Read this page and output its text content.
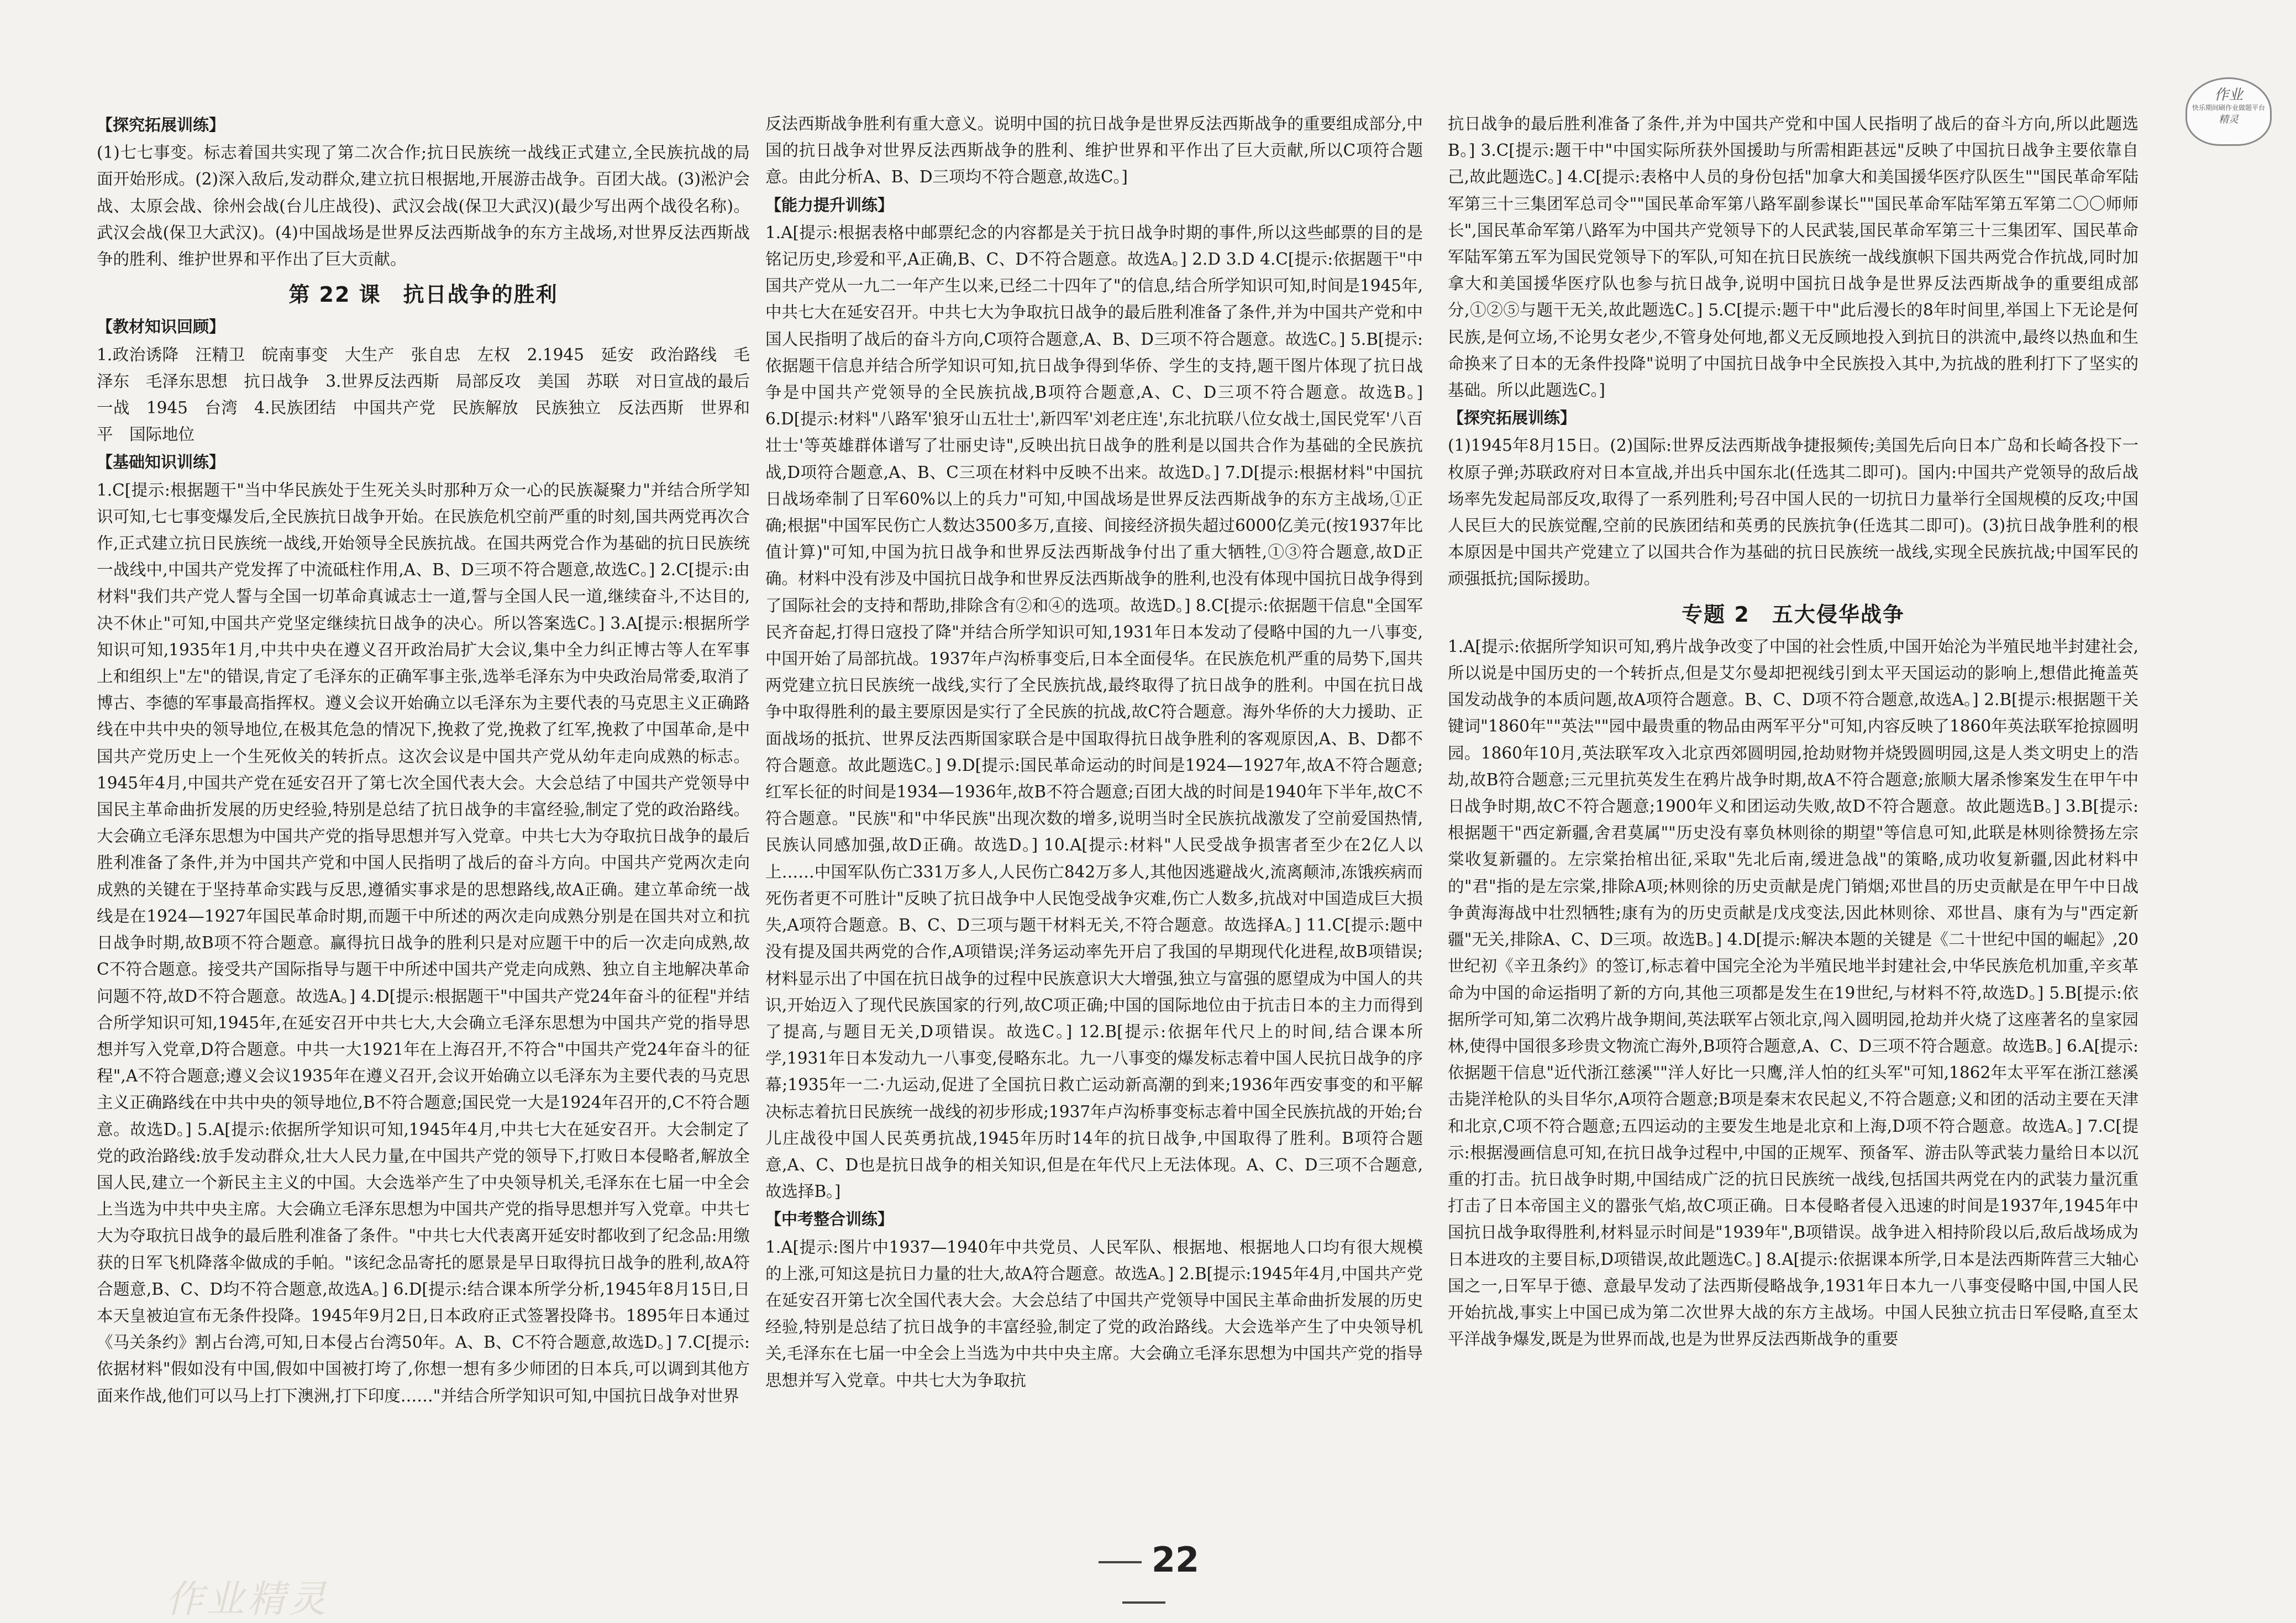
作业
快乐期间刷作业做题平台
精灵
【探究拓展训练】

(1)七七事变。标志着国共实现了第二次合作;抗日民族统一战线正式建立,全民族抗战的局面开始形成。(2)深入敌后,发动群众,建立抗日根据地,开展游击战争。百团大战。(3)淞沪会战、太原会战、徐州会战(台儿庄战役)、武汉会战(保卫大武汉)(最少写出两个战役名称)。武汉会战(保卫大武汉)。(4)中国战场是世界反法西斯战争的东方主战场,对世界反法西斯战争的胜利、维护世界和平作出了巨大贡献。

第 22 课　抗日战争的胜利
【教材知识回顾】

1.政治诱降　汪精卫　皖南事变　大生产　张自忠　左权　2.1945　延安　政治路线　毛泽东　毛泽东思想　抗日战争　3.世界反法西斯　局部反攻　美国　苏联　对日宣战的最后一战　1945　台湾　4.民族团结　中国共产党　民族解放　民族独立　反法西斯　世界和平　国际地位

【基础知识训练】

1.C[提示:根据题干"当中华民族处于生死关头时那种万众一心的民族凝聚力"并结合所学知识可知,七七事变爆发后,全民族抗日战争开始。在民族危机空前严重的时刻,国共两党再次合作,正式建立抗日民族统一战线,开始领导全民族抗战。在国共两党合作为基础的抗日民族统一战线中,中国共产党发挥了中流砥柱作用,A、B、D三项不符合题意,故选C。] 2.C[提示:由材料"我们共产党人誓与全国一切革命真诚志士一道,誓与全国人民一道,继续奋斗,不达目的,决不休止"可知,中国共产党坚定继续抗日战争的决心。所以答案选C。] 3.A[提示:根据所学知识可知,1935年1月,中共中央在遵义召开政治局扩大会议,集中全力纠正博古等人在军事上和组织上"左"的错误,肯定了毛泽东的正确军事主张,选举毛泽东为中央政治局常委,取消了博古、李德的军事最高指挥权。遵义会议开始确立以毛泽东为主要代表的马克思主义正确路线在中共中央的领导地位,在极其危急的情况下,挽救了党,挽救了红军,挽救了中国革命,是中国共产党历史上一个生死攸关的转折点。这次会议是中国共产党从幼年走向成熟的标志。1945年4月,中国共产党在延安召开了第七次全国代表大会。大会总结了中国共产党领导中国民主革命曲折发展的历史经验,特别是总结了抗日战争的丰富经验,制定了党的政治路线。大会确立毛泽东思想为中国共产党的指导思想并写入党章。中共七大为夺取抗日战争的最后胜利准备了条件,并为中国共产党和中国人民指明了战后的奋斗方向。中国共产党两次走向成熟的关键在于坚持革命实践与反思,遵循实事求是的思想路线,故A正确。建立革命统一战线是在1924—1927年国民革命时期,而题干中所述的两次走向成熟分别是在国共对立和抗日战争时期,故B项不符合题意。赢得抗日战争的胜利只是对应题干中的后一次走向成熟,故C不符合题意。接受共产国际指导与题干中所述中国共产党走向成熟、独立自主地解决革命问题不符,故D不符合题意。故选A。] 4.D[提示:根据题干"中国共产党24年奋斗的征程"并结合所学知识可知,1945年,在延安召开中共七大,大会确立毛泽东思想为中国共产党的指导思想并写入党章,D符合题意。中共一大1921年在上海召开,不符合"中国共产党24年奋斗的征程",A不符合题意;遵义会议1935年在遵义召开,会议开始确立以毛泽东为主要代表的马克思主义正确路线在中共中央的领导地位,B不符合题意;国民党一大是1924年召开的,C不符合题意。故选D。] 5.A[提示:依据所学知识可知,1945年4月,中共七大在延安召开。大会制定了党的政治路线:放手发动群众,壮大人民力量,在中国共产党的领导下,打败日本侵略者,解放全国人民,建立一个新民主主义的中国。大会选举产生了中央领导机关,毛泽东在七届一中全会上当选为中共中央主席。大会确立毛泽东思想为中国共产党的指导思想并写入党章。中共七大为夺取抗日战争的最后胜利准备了条件。"中共七大代表离开延安时都收到了纪念品:用缴获的日军飞机降落伞做成的手帕。"该纪念品寄托的愿景是早日取得抗日战争的胜利,故A符合题意,B、C、D均不符合题意,故选A。] 6.D[提示:结合课本所学分析,1945年8月15日,日本天皇被迫宣布无条件投降。1945年9月2日,日本政府正式签署投降书。1895年日本通过《马关条约》割占台湾,可知,日本侵占台湾50年。A、B、C不符合题意,故选D。] 7.C[提示:依据材料"假如没有中国,假如中国被打垮了,你想一想有多少师团的日本兵,可以调到其他方面来作战,他们可以马上打下澳洲,打下印度……"并结合所学知识可知,中国抗日战争对世界

反法西斯战争胜利有重大意义。说明中国的抗日战争是世界反法西斯战争的重要组成部分,中国的抗日战争对世界反法西斯战争的胜利、维护世界和平作出了巨大贡献,所以C项符合题意。由此分析A、B、D三项均不符合题意,故选C。]

【能力提升训练】

1.A[提示:根据表格中邮票纪念的内容都是关于抗日战争时期的事件,所以这些邮票的目的是铭记历史,珍爱和平,A正确,B、C、D不符合题意。故选A。] 2.D 3.D 4.C[提示:依据题干"中国共产党从一九二一年产生以来,已经二十四年了"的信息,结合所学知识可知,时间是1945年,中共七大在延安召开。中共七大为争取抗日战争的最后胜利准备了条件,并为中国共产党和中国人民指明了战后的奋斗方向,C项符合题意,A、B、D三项不符合题意。故选C。] 5.B[提示:依据题干信息并结合所学知识可知,抗日战争得到华侨、学生的支持,题干图片体现了抗日战争是中国共产党领导的全民族抗战,B项符合题意,A、C、D三项不符合题意。故选B。] 6.D[提示:材料"八路军'狼牙山五壮士',新四军'刘老庄连',东北抗联八位女战士,国民党军'八百壮士'等英雄群体谱写了壮丽史诗",反映出抗日战争的胜利是以国共合作为基础的全民族抗战,D项符合题意,A、B、C三项在材料中反映不出来。故选D。] 7.D[提示:根据材料"中国抗日战场牵制了日军60%以上的兵力"可知,中国战场是世界反法西斯战争的东方主战场,①正确;根据"中国军民伤亡人数达3500多万,直接、间接经济损失超过6000亿美元(按1937年比值计算)"可知,中国为抗日战争和世界反法西斯战争付出了重大牺牲,①③符合题意,故D正确。材料中没有涉及中国抗日战争和世界反法西斯战争的胜利,也没有体现中国抗日战争得到了国际社会的支持和帮助,排除含有②和④的选项。故选D。] 8.C[提示:依据题干信息"全国军民齐奋起,打得日寇投了降"并结合所学知识可知,1931年日本发动了侵略中国的九一八事变,中国开始了局部抗战。1937年卢沟桥事变后,日本全面侵华。在民族危机严重的局势下,国共两党建立抗日民族统一战线,实行了全民族抗战,最终取得了抗日战争的胜利。中国在抗日战争中取得胜利的最主要原因是实行了全民族的抗战,故C符合题意。海外华侨的大力援助、正面战场的抵抗、世界反法西斯国家联合是中国取得抗日战争胜利的客观原因,A、B、D都不符合题意。故此题选C。] 9.D[提示:国民革命运动的时间是1924—1927年,故A不符合题意;红军长征的时间是1934—1936年,故B不符合题意;百团大战的时间是1940年下半年,故C不符合题意。"民族"和"中华民族"出现次数的增多,说明当时全民族抗战激发了空前爱国热情,民族认同感加强,故D正确。故选D。] 10.A[提示:材料"人民受战争损害者至少在2亿人以上……中国军队伤亡331万多人,人民伤亡842万多人,其他因逃避战火,流离颠沛,冻饿疾病而死伤者更不可胜计"反映了抗日战争中人民饱受战争灾难,伤亡人数多,抗战对中国造成巨大损失,A项符合题意。B、C、D三项与题干材料无关,不符合题意。故选择A。] 11.C[提示:题中没有提及国共两党的合作,A项错误;洋务运动率先开启了我国的早期现代化进程,故B项错误;材料显示出了中国在抗日战争的过程中民族意识大大增强,独立与富强的愿望成为中国人的共识,开始迈入了现代民族国家的行列,故C项正确;中国的国际地位由于抗击日本的主力而得到了提高,与题目无关,D项错误。故选C。] 12.B[提示:依据年代尺上的时间,结合课本所学,1931年日本发动九一八事变,侵略东北。九一八事变的爆发标志着中国人民抗日战争的序幕;1935年一二·九运动,促进了全国抗日救亡运动新高潮的到来;1936年西安事变的和平解决标志着抗日民族统一战线的初步形成;1937年卢沟桥事变标志着中国全民族抗战的开始;台儿庄战役中国人民英勇抗战,1945年历时14年的抗日战争,中国取得了胜利。B项符合题意,A、C、D也是抗日战争的相关知识,但是在年代尺上无法体现。A、C、D三项不合题意,故选择B。]

【中考整合训练】

1.A[提示:图片中1937—1940年中共党员、人民军队、根据地、根据地人口均有很大规模的上涨,可知这是抗日力量的壮大,故A符合题意。故选A。] 2.B[提示:1945年4月,中国共产党在延安召开第七次全国代表大会。大会总结了中国共产党领导中国民主革命曲折发展的历史经验,特别是总结了抗日战争的丰富经验,制定了党的政治路线。大会选举产生了中央领导机关,毛泽东在七届一中全会上当选为中共中央主席。大会确立毛泽东思想为中国共产党的指导思想并写入党章。中共七大为争取抗

抗日战争的最后胜利准备了条件,并为中国共产党和中国人民指明了战后的奋斗方向,所以此题选B。] 3.C[提示:题干中"中国实际所获外国援助与所需相距甚远"反映了中国抗日战争主要依靠自己,故此题选C。] 4.C[提示:表格中人员的身份包括"加拿大和美国援华医疗队医生""国民革命军陆军第三十三集团军总司令""国民革命军第八路军副参谋长""国民革命军陆军第五军第二〇〇师师长",国民革命军第八路军为中国共产党领导下的人民武装,国民革命军第三十三集团军、国民革命军陆军第五军为国民党领导下的军队,可知在抗日民族统一战线旗帜下国共两党合作抗战,同时加拿大和美国援华医疗队也参与抗日战争,说明中国抗日战争是世界反法西斯战争的重要组成部分,①②⑤与题干无关,故此题选C。] 5.C[提示:题干中"此后漫长的8年时间里,举国上下无论是何民族,是何立场,不论男女老少,不管身处何地,都义无反顾地投入到抗日的洪流中,最终以热血和生命换来了日本的无条件投降"说明了中国抗日战争中全民族投入其中,为抗战的胜利打下了坚实的基础。所以此题选C。]

【探究拓展训练】

(1)1945年8月15日。(2)国际:世界反法西斯战争捷报频传;美国先后向日本广岛和长崎各投下一枚原子弹;苏联政府对日本宣战,并出兵中国东北(任选其二即可)。国内:中国共产党领导的敌后战场率先发起局部反攻,取得了一系列胜利;号召中国人民的一切抗日力量举行全国规模的反攻;中国人民巨大的民族觉醒,空前的民族团结和英勇的民族抗争(任选其二即可)。(3)抗日战争胜利的根本原因是中国共产党建立了以国共合作为基础的抗日民族统一战线,实现全民族抗战;中国军民的顽强抵抗;国际援助。

专题 2　五大侵华战争

1.A[提示:依据所学知识可知,鸦片战争改变了中国的社会性质,中国开始沦为半殖民地半封建社会,所以说是中国历史的一个转折点,但是艾尔曼却把视线引到太平天国运动的影响上,想借此掩盖英国发动战争的本质问题,故A项符合题意。B、C、D项不符合题意,故选A。] 2.B[提示:根据题干关键词"1860年""英法""园中最贵重的物品由两军平分"可知,内容反映了1860年英法联军抢掠圆明园。1860年10月,英法联军攻入北京西郊圆明园,抢劫财物并烧毁圆明园,这是人类文明史上的浩劫,故B符合题意;三元里抗英发生在鸦片战争时期,故A不符合题意;旅顺大屠杀惨案发生在甲午中日战争时期,故C不符合题意;1900年义和团运动失败,故D不符合题意。故此题选B。] 3.B[提示:根据题干"西定新疆,舍君莫属""历史没有辜负林则徐的期望"等信息可知,此联是林则徐赞扬左宗棠收复新疆的。左宗棠抬棺出征,采取"先北后南,缓进急战"的策略,成功收复新疆,因此材料中的"君"指的是左宗棠,排除A项;林则徐的历史贡献是虎门销烟;邓世昌的历史贡献是在甲午中日战争黄海海战中壮烈牺牲;康有为的历史贡献是戊戌变法,因此林则徐、邓世昌、康有为与"西定新疆"无关,排除A、C、D三项。故选B。] 4.D[提示:解决本题的关键是《二十世纪中国的崛起》,20世纪初《辛丑条约》的签订,标志着中国完全沦为半殖民地半封建社会,中华民族危机加重,辛亥革命为中国的命运指明了新的方向,其他三项都是发生在19世纪,与材料不符,故选D。] 5.B[提示:依据所学可知,第二次鸦片战争期间,英法联军占领北京,闯入圆明园,抢劫并火烧了这座著名的皇家园林,使得中国很多珍贵文物流亡海外,B项符合题意,A、C、D三项不符合题意。故选B。] 6.A[提示:依据题干信息"近代浙江慈溪""洋人好比一只鹰,洋人怕的红头军"可知,1862年太平军在浙江慈溪击毙洋枪队的头目华尔,A项符合题意;B项是秦末农民起义,不符合题意;义和团的活动主要在天津和北京,C项不符合题意;五四运动的主要发生地是北京和上海,D项不符合题意。故选A。] 7.C[提示:根据漫画信息可知,在抗日战争过程中,中国的正规军、预备军、游击队等武装力量给日本以沉重的打击。抗日战争时期,中国结成广泛的抗日民族统一战线,包括国共两党在内的武装力量沉重打击了日本帝国主义的嚣张气焰,故C项正确。日本侵略者侵入迅速的时间是1937年,1945年中国抗日战争取得胜利,材料显示时间是"1939年",B项错误。战争进入相持阶段以后,敌后战场成为日本进攻的主要目标,D项错误,故此题选C。] 8.A[提示:依据课本所学,日本是法西斯阵营三大轴心国之一,日军早于德、意最早发动了法西斯侵略战争,1931年日本九一八事变侵略中国,中国人民开始抗战,事实上中国已成为第二次世界大战的东方主战场。中国人民独立抗击日军侵略,直至太平洋战争爆发,既是为世界而战,也是为世界反法西斯战争的重要

22
作业精灵
